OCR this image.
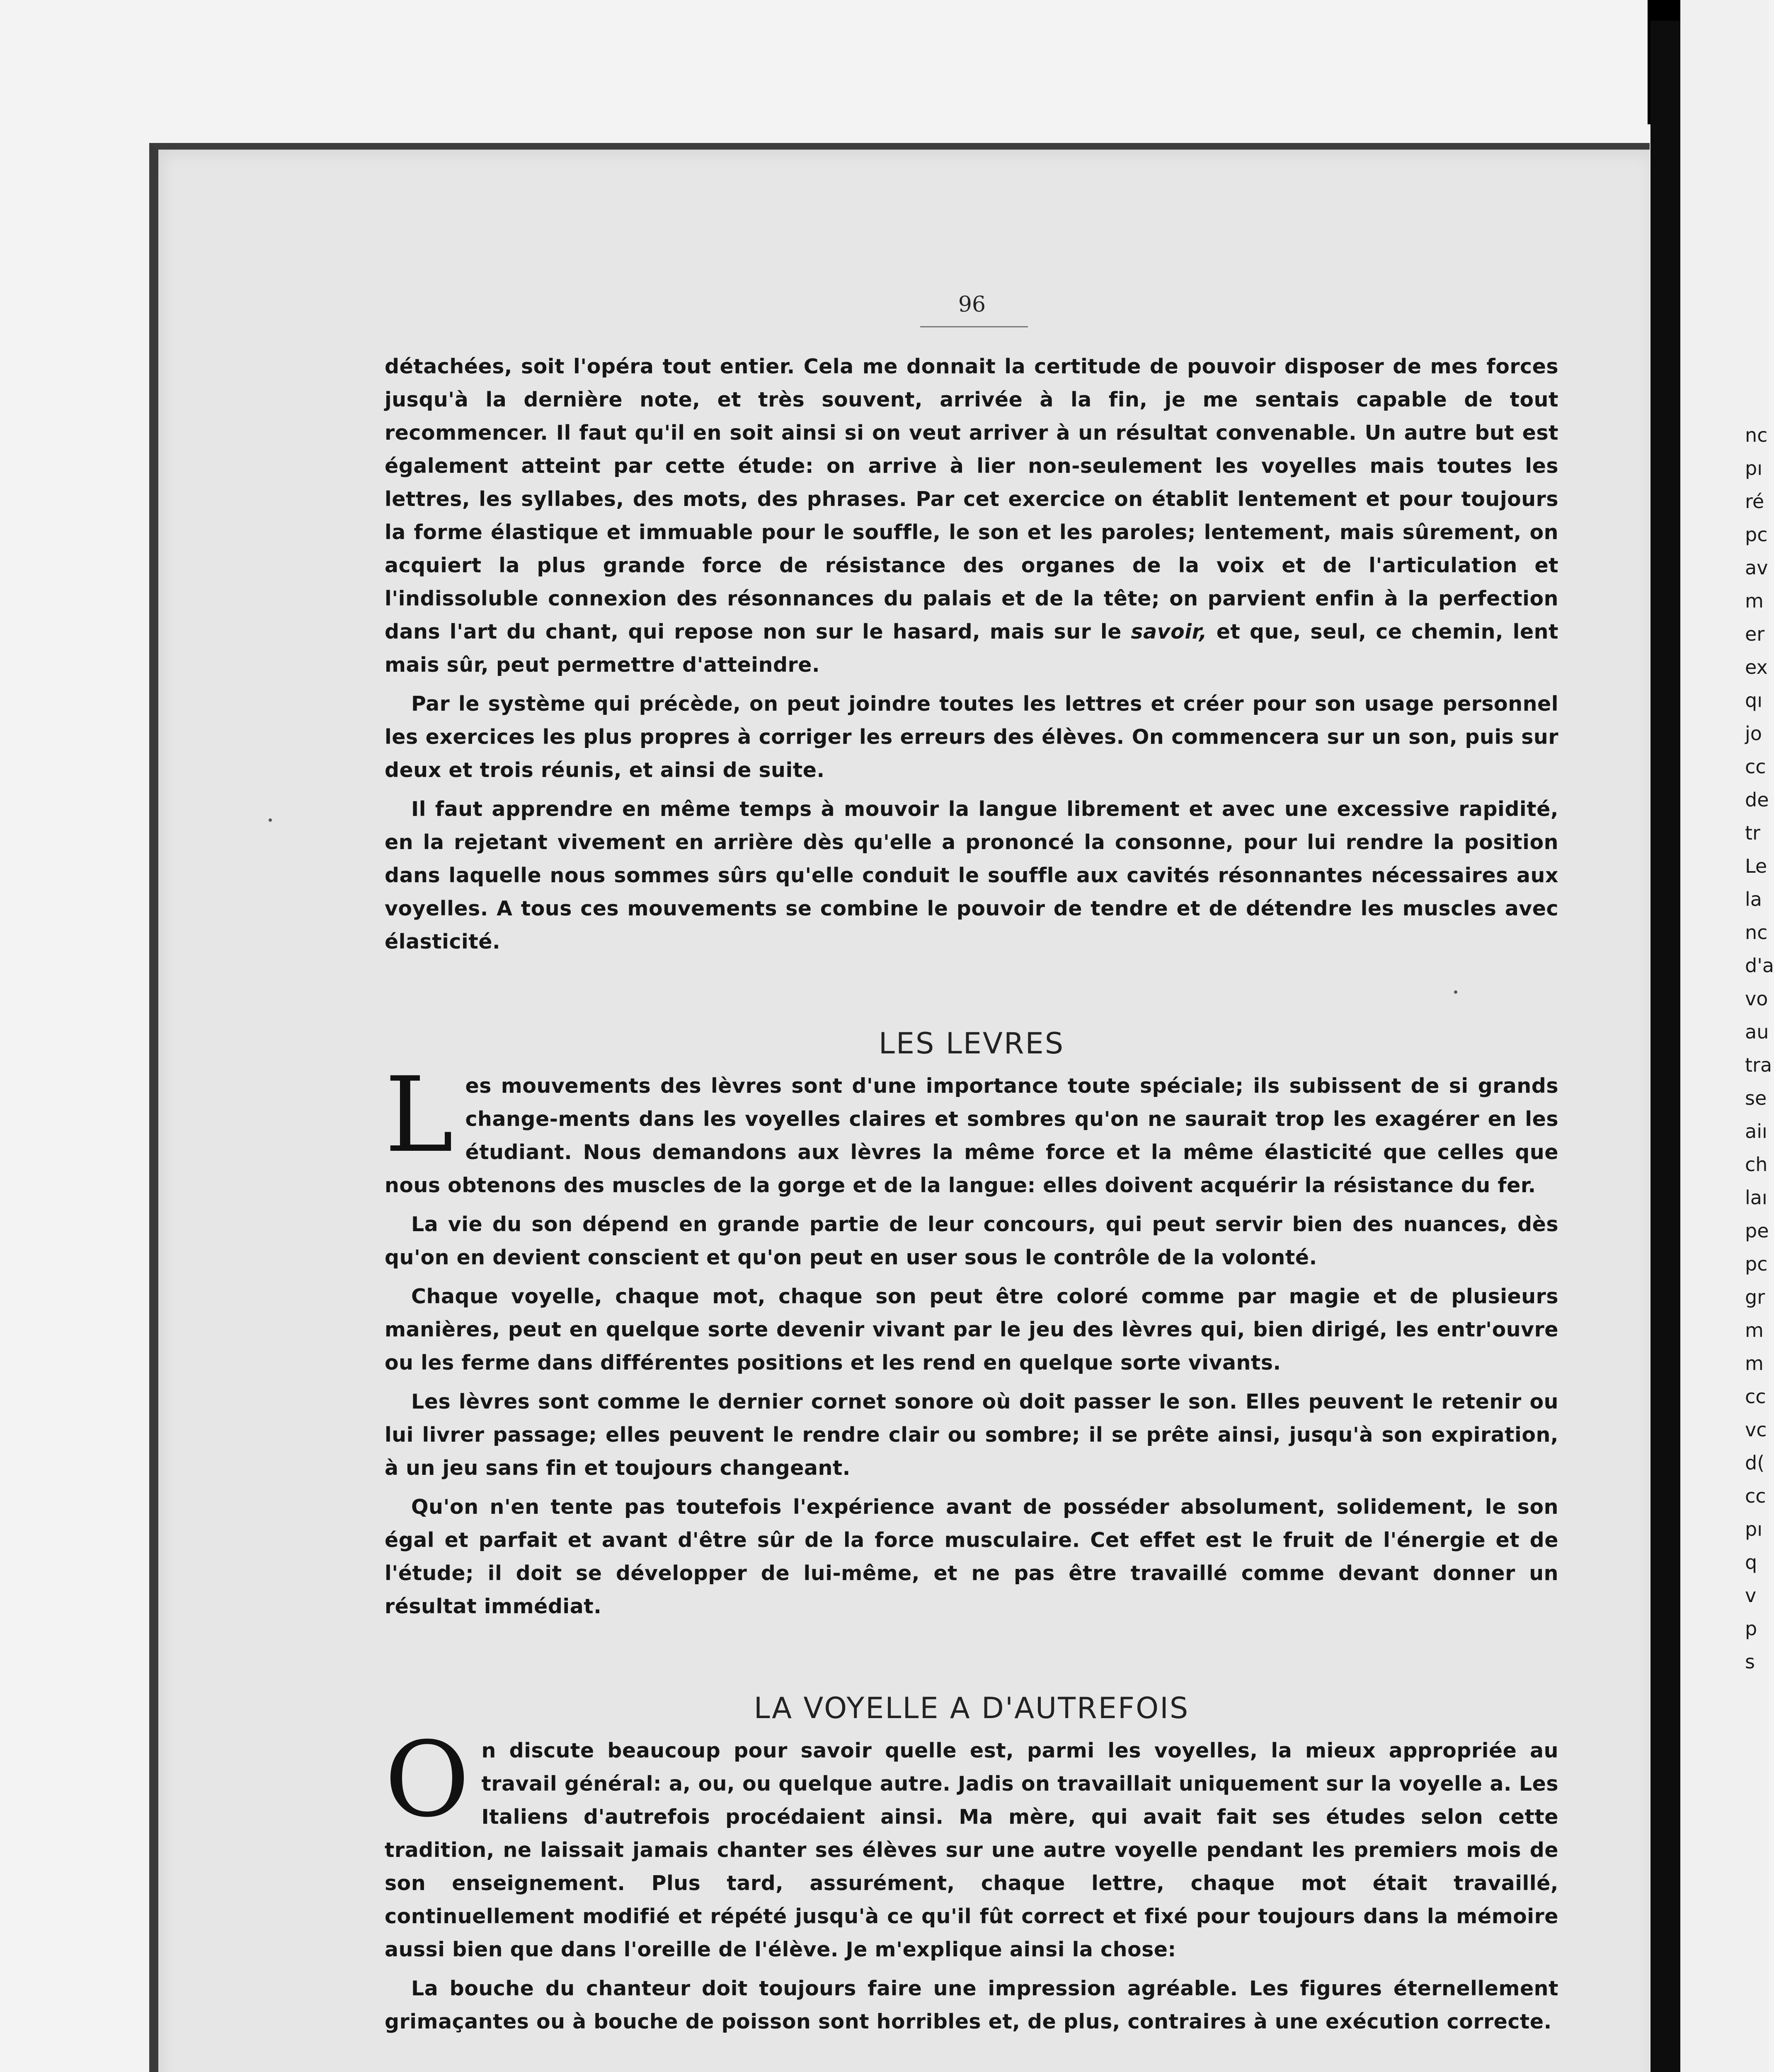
nc
pı
ré
pc
av
m
er
ex
qı
jo
cc
de
tr
Le
la
nc
d'a
vo
au
tra
se
aiı
ch
laı
pe
pc
gr
m
m
cc
vc
d(
cc
pı
q
v
p
s
96

détachées, soit l'opéra tout entier. Cela me donnait la certitude de pouvoir disposer de mes forces jusqu'à la dernière note, et très souvent, arrivée à la fin, je me sentais capable de tout recommencer. Il faut qu'il en soit ainsi si on veut arriver à un résultat convenable. Un autre but est également atteint par cette étude: on arrive à lier non-seulement les voyelles mais toutes les lettres, les syllabes, des mots, des phrases. Par cet exercice on établit lentement et pour toujours la forme élastique et immuable pour le souffle, le son et les paroles; lentement, mais sûrement, on acquiert la plus grande force de résistance des organes de la voix et de l'articulation et l'indissoluble connexion des résonnances du palais et de la tête; on parvient enfin à la perfection dans l'art du chant, qui repose non sur le hasard, mais sur le savoir, et que, seul, ce chemin, lent mais sûr, peut permettre d'atteindre.

Par le système qui précède, on peut joindre toutes les lettres et créer pour son usage personnel les exercices les plus propres à corriger les erreurs des élèves. On commencera sur un son, puis sur deux et trois réunis, et ainsi de suite.

Il faut apprendre en même temps à mouvoir la langue librement et avec une excessive rapidité, en la rejetant vivement en arrière dès qu'elle a prononcé la consonne, pour lui rendre la position dans laquelle nous sommes sûrs qu'elle conduit le souffle aux cavités résonnantes nécessaires aux voyelles. A tous ces mouvements se combine le pouvoir de tendre et de détendre les muscles avec élasticité.

LES LEVRES

Les mouvements des lèvres sont d'une importance toute spéciale; ils subissent de si grands change-ments dans les voyelles claires et sombres qu'on ne saurait trop les exagérer en les étudiant. Nous demandons aux lèvres la même force et la même élasticité que celles que nous obtenons des muscles de la gorge et de la langue: elles doivent acquérir la résistance du fer.

La vie du son dépend en grande partie de leur concours, qui peut servir bien des nuances, dès qu'on en devient conscient et qu'on peut en user sous le contrôle de la volonté.

Chaque voyelle, chaque mot, chaque son peut être coloré comme par magie et de plusieurs manières, peut en quelque sorte devenir vivant par le jeu des lèvres qui, bien dirigé, les entr'ouvre ou les ferme dans différentes positions et les rend en quelque sorte vivants.

Les lèvres sont comme le dernier cornet sonore où doit passer le son. Elles peuvent le retenir ou lui livrer passage; elles peuvent le rendre clair ou sombre; il se prête ainsi, jusqu'à son expiration, à un jeu sans fin et toujours changeant.

Qu'on n'en tente pas toutefois l'expérience avant de posséder absolument, solidement, le son égal et parfait et avant d'être sûr de la force musculaire. Cet effet est le fruit de l'énergie et de l'étude; il doit se développer de lui-même, et ne pas être travaillé comme devant donner un résultat immédiat.

LA VOYELLE A D'AUTREFOIS

On discute beaucoup pour savoir quelle est, parmi les voyelles, la mieux appropriée au travail général: a, ou, ou quelque autre. Jadis on travaillait uniquement sur la voyelle a. Les Italiens d'autrefois procédaient ainsi. Ma mère, qui avait fait ses études selon cette tradition, ne laissait jamais chanter ses élèves sur une autre voyelle pendant les premiers mois de son enseignement. Plus tard, assurément, chaque lettre, chaque mot était travaillé, continuellement modifié et répété jusqu'à ce qu'il fût correct et fixé pour toujours dans la mémoire aussi bien que dans l'oreille de l'élève. Je m'explique ainsi la chose:

La bouche du chanteur doit toujours faire une impression agréable. Les figures éternellement grimaçantes ou à bouche de poisson sont horribles et, de plus, contraires à une exécution correcte.
